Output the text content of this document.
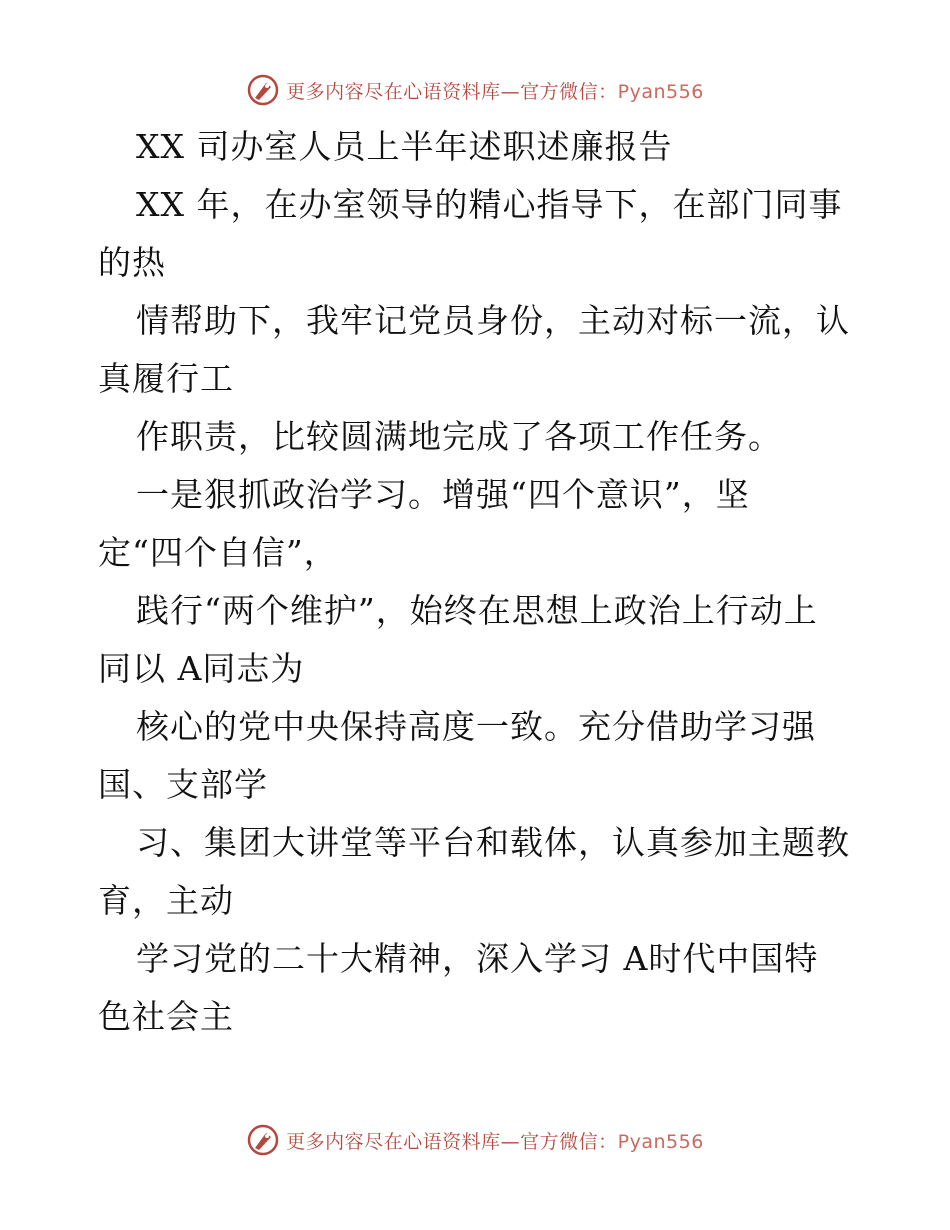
更多内容尽在心语资料库—官方微信：Pyan556
XX 司办室人员上半年述职述廉报告
XX 年，在办室领导的精心指导下，在部门同事
的热
情帮助下，我牢记党员身份，主动对标一流，认
真履行工
作职责，比较圆满地完成了各项工作任务。
一是狠抓政治学习。增强“四个意识”，坚
定“四个自信”，
践行“两个维护”，始终在思想上政治上行动上
同以 A同志为
核心的党中央保持高度一致。充分借助学习强
国、支部学
习、集团大讲堂等平台和载体，认真参加主题教
育，主动
学习党的二十大精神，深入学习 A时代中国特
色社会主
更多内容尽在心语资料库—官方微信：Pyan556
